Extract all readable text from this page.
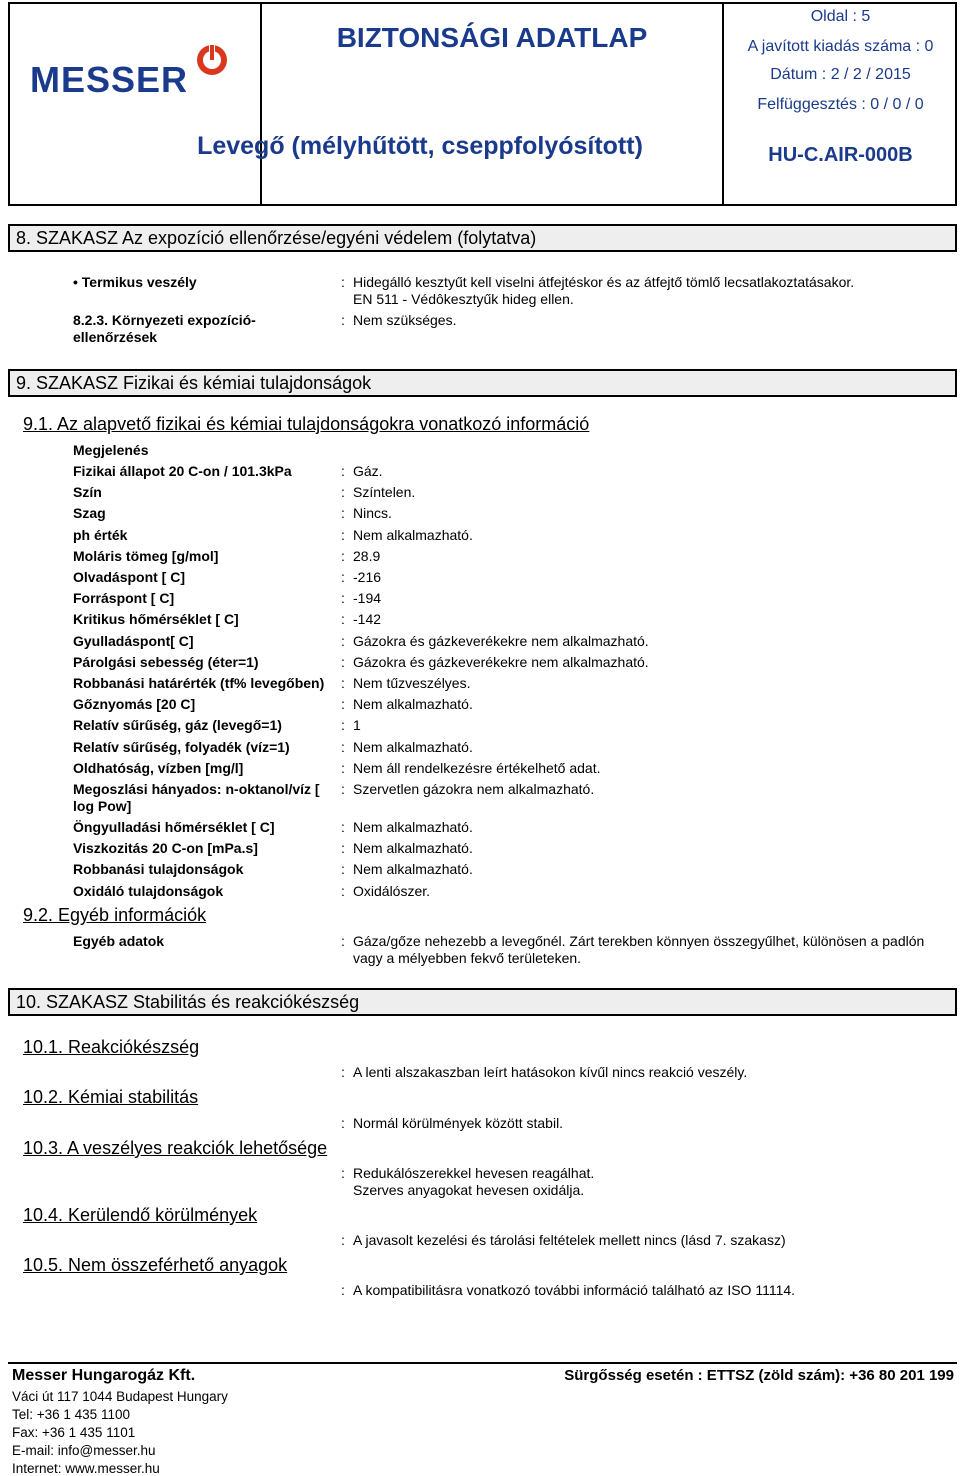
MESSER
BIZTONSÁGI ADATLAP
Levegő (mélyhűtött, cseppfolyósított)
Oldal : 5
A javított kiadás száma : 0
Dátum : 2 / 2 / 2015
Felfüggesztés : 0 / 0 / 0
HU-C.AIR-000B
8. SZAKASZ Az expozíció ellenőrzése/egyéni védelem (folytatva)
• Termikus veszély	: Hidegálló kesztyűt kell viselni átfejtéskor és az átfejtő tömlő lecsatlakoztatásakor.
EN 511 - Védôkesztyűk hideg ellen.
8.2.3. Környezeti expozíció-
ellenőrzések
: Nem szükséges.
9. SZAKASZ Fizikai és kémiai tulajdonságok
9.1. Az alapvető fizikai és kémiai tulajdonságokra vonatkozó információ
Megjelenés
Fizikai állapot 20 C-on / 101.3kPa	: Gáz.
Szín	: Színtelen.
Szag	: Nincs.
ph érték	: Nem alkalmazható.
Moláris tömeg [g/mol]	: 28.9
Olvadáspont [ C]	: -216
Forráspont [ C]	: -194
Kritikus hőmérséklet [ C]	: -142
Gyulladáspont[ C]	: Gázokra és gázkeverékekre nem alkalmazható.
Párolgási sebesség (éter=1)	: Gázokra és gázkeverékekre nem alkalmazható.
Robbanási határérték (tf% levegőben) : Nem tűzveszélyes.
Gőznyomás [20 C]	: Nem alkalmazható.
Relatív sűrűség, gáz (levegő=1)	: 1
Relatív sűrűség, folyadék (víz=1)	: Nem alkalmazható.
Oldhatóság, vízben [mg/l]	: Nem áll rendelkezésre értékelhető adat.
Megoszlási hányados: n-oktanol/víz [
log Pow]
: Szervetlen gázokra nem alkalmazható.
Öngyulladási hőmérséklet [ C]	: Nem alkalmazható.
Viszkozitás 20 C-on [mPa.s]	: Nem alkalmazható.
Robbanási tulajdonságok	: Nem alkalmazható.
Oxidáló tulajdonságok	: Oxidálószer.
9.2. Egyéb információk
Egyéb adatok	: Gáza/gőze nehezebb a levegőnél. Zárt terekben könnyen összegyűlhet, különösen a padlón
vagy a mélyebben fekvő területeken.
10. SZAKASZ Stabilitás és reakciókészség
10.1. Reakciókészség
: A lenti alszakaszban leírt hatásokon kívűl nincs reakció veszély.
10.2. Kémiai stabilitás
: Normál körülmények között stabil.
10.3. A veszélyes reakciók lehetősége
: Redukálószerekkel hevesen reagálhat.
Szerves anyagokat hevesen oxidálja.
10.4. Kerülendő körülmények
: A javasolt kezelési és tárolási feltételek mellett nincs (lásd 7. szakasz)
10.5. Nem összeférhető anyagok
: A kompatibilitásra vonatkozó további információ található az ISO 11114.
Messer Hungarogáz Kft.	Sürgősség esetén : ETTSZ (zöld szám): +36 80 201 199
Váci út 117 1044 Budapest Hungary
Tel: +36 1 435 1100
Fax: +36 1 435 1101
E-mail: info@messer.hu
Internet: www.messer.hu
